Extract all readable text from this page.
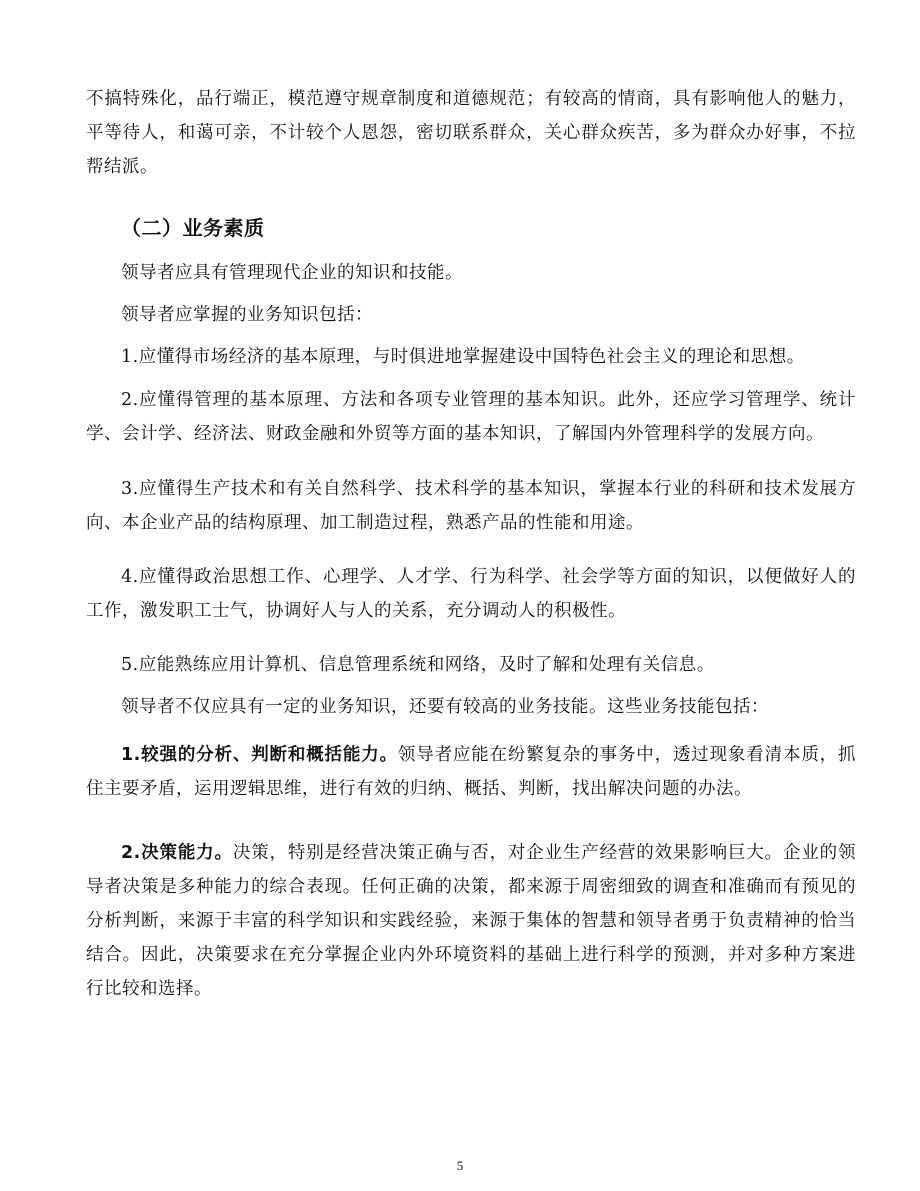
不搞特殊化，品行端正，模范遵守规章制度和道德规范；有较高的情商，具有影响他人的魅力，平等待人，和蔼可亲，不计较个人恩怨，密切联系群众，关心群众疾苦，多为群众办好事，不拉帮结派。

（二）业务素质

领导者应具有管理现代企业的知识和技能。

领导者应掌握的业务知识包括：

1.应懂得市场经济的基本原理，与时俱进地掌握建设中国特色社会主义的理论和思想。

2.应懂得管理的基本原理、方法和各项专业管理的基本知识。此外，还应学习管理学、统计学、会计学、经济法、财政金融和外贸等方面的基本知识，了解国内外管理科学的发展方向。

3.应懂得生产技术和有关自然科学、技术科学的基本知识，掌握本行业的科研和技术发展方向、本企业产品的结构原理、加工制造过程，熟悉产品的性能和用途。

4.应懂得政治思想工作、心理学、人才学、行为科学、社会学等方面的知识，以便做好人的工作，激发职工士气，协调好人与人的关系，充分调动人的积极性。

5.应能熟练应用计算机、信息管理系统和网络，及时了解和处理有关信息。

领导者不仅应具有一定的业务知识，还要有较高的业务技能。这些业务技能包括：

1.较强的分析、判断和概括能力。领导者应能在纷繁复杂的事务中，透过现象看清本质，抓住主要矛盾，运用逻辑思维，进行有效的归纳、概括、判断，找出解决问题的办法。

2.决策能力。决策，特别是经营决策正确与否，对企业生产经营的效果影响巨大。企业的领导者决策是多种能力的综合表现。任何正确的决策，都来源于周密细致的调查和准确而有预见的分析判断，来源于丰富的科学知识和实践经验，来源于集体的智慧和领导者勇于负责精神的恰当结合。因此，决策要求在充分掌握企业内外环境资料的基础上进行科学的预测，并对多种方案进行比较和选择。

5
